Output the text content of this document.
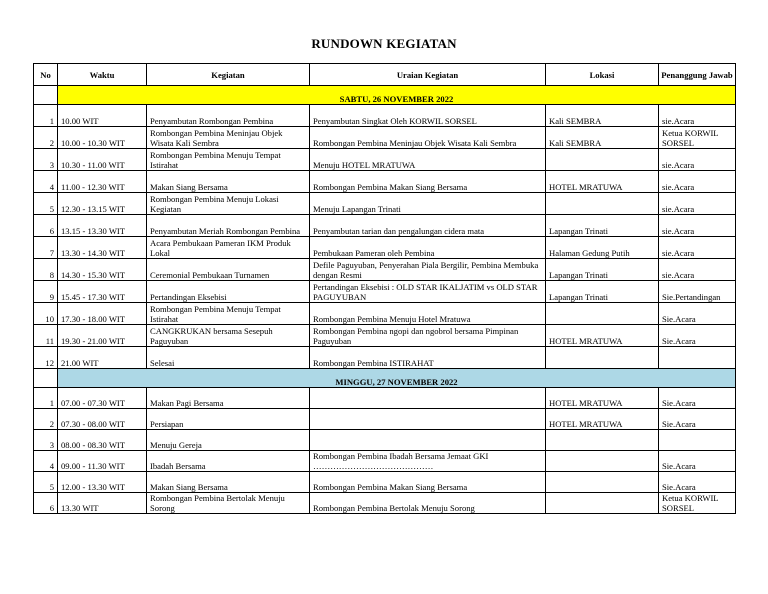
RUNDOWN KEGIATAN
No	Waktu	Kegiatan	Uraian Kegiatan	Lokasi	Penanggung Jawab
	SABTU, 26 NOVEMBER 2022				
1	10.00 WIT	Penyambutan Rombongan Pembina	Penyambutan Singkat Oleh KORWIL SORSEL	Kali SEMBRA	sie.Acara
2	10.00 - 10.30 WIT	Rombongan Pembina Meninjau Objek Wisata Kali Sembra	Rombongan Pembina Meninjau Objek Wisata Kali Sembra	Kali SEMBRA	Ketua KORWIL SORSEL
3	10.30 - 11.00 WIT	Rombongan Pembina Menuju Tempat Istirahat	Menuju HOTEL MRATUWA		sie.Acara
4	11.00 - 12.30 WIT	Makan Siang Bersama	Rombongan Pembina Makan Siang Bersama	HOTEL MRATUWA	sie.Acara
5	12.30 - 13.15 WIT	Rombongan Pembina Menuju Lokasi Kegiatan	Menuju Lapangan Trinati		sie.Acara
6	13.15 - 13.30 WIT	Penyambutan Meriah Rombongan Pembina	Penyambutan tarian dan pengalungan cidera mata	Lapangan Trinati	sie.Acara
7	13.30 - 14.30 WIT	Acara Pembukaan Pameran IKM Produk Lokal	Pembukaan Pameran oleh Pembina	Halaman Gedung Putih	sie.Acara
8	14.30 - 15.30 WIT	Ceremonial Pembukaan Turnamen	Defile Paguyuban, Penyerahan Piala Bergilir, Pembina Membuka dengan Resmi	Lapangan Trinati	sie.Acara
9	15.45 - 17.30 WIT	Pertandingan Eksebisi	Pertandingan Eksebisi : OLD STAR IKALJATIM vs OLD STAR PAGUYUBAN	Lapangan Trinati	Sie.Pertandingan
10	17.30 - 18.00 WIT	Rombongan Pembina Menuju Tempat Istirahat	Rombongan Pembina Menuju Hotel Mratuwa		Sie.Acara
11	19.30 - 21.00 WIT	CANGKRUKAN bersama Sesepuh Paguyuban	Rombongan Pembina ngopi dan ngobrol bersama Pimpinan Paguyuban	HOTEL MRATUWA	Sie.Acara
12	21.00 WIT	Selesai	Rombongan Pembina ISTIRAHAT		
	MINGGU, 27 NOVEMBER 2022				
1	07.00 - 07.30 WIT	Makan Pagi Bersama		HOTEL MRATUWA	Sie.Acara
2	07.30 - 08.00 WIT	Persiapan		HOTEL MRATUWA	Sie.Acara
3	08.00 - 08.30 WIT	Menuju Gereja			
4	09.00 - 11.30 WIT	Ibadah Bersama	Rombongan Pembina Ibadah Bersama Jemaat GKI ……………………………………		Sie.Acara
5	12.00 - 13.30 WIT	Makan Siang Bersama	Rombongan Pembina Makan Siang Bersama		Sie.Acara
6	13.30 WIT	Rombongan Pembina Bertolak Menuju Sorong	Rombongan Pembina Bertolak Menuju Sorong		Ketua KORWIL SORSEL
